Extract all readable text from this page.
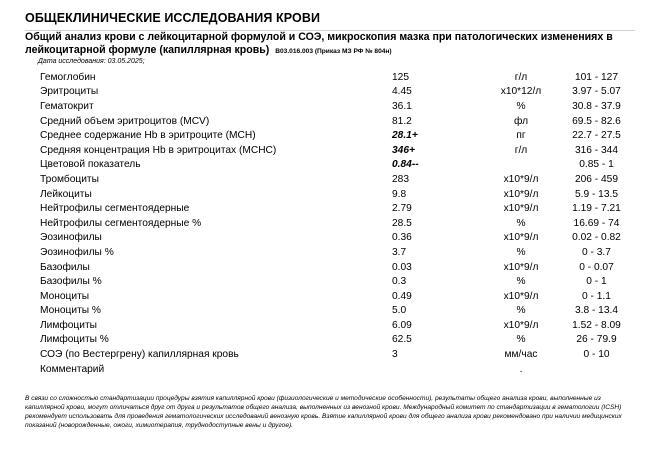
ОБЩЕКЛИНИЧЕСКИЕ ИССЛЕДОВАНИЯ КРОВИ
Общий анализ крови с лейкоцитарной формулой и СОЭ, микроскопия мазка при патологических изменениях в лейкоцитарной формуле (капиллярная кровь) B03.016.003 (Приказ МЗ РФ № 804н)
Дата исследования: 03.05.2025;
Гемоглобин	125	г/л	101 - 127
Эритроциты	4.45	x10*12/л	3.97 - 5.07
Гематокрит	36.1	%	30.8 - 37.9
Средний объем эритроцитов (MCV)	81.2	фл	69.5 - 82.6
Среднее содержание Hb в эритроците (MCH)	28.1+	пг	22.7 - 27.5
Средняя концентрация Hb в эритроцитах (MCHC)	346+	г/л	316 - 344
Цветовой показатель	0.84--		0.85 - 1
Тромбоциты	283	x10*9/л	206 - 459
Лейкоциты	9.8	x10*9/л	5.9 - 13.5
Нейтрофилы сегментоядерные	2.79	x10*9/л	1.19 - 7.21
Нейтрофилы сегментоядерные %	28.5	%	16.69 - 74
Эозинофилы	0.36	x10*9/л	0.02 - 0.82
Эозинофилы %	3.7	%	0 - 3.7
Базофилы	0.03	x10*9/л	0 - 0.07
Базофилы %	0.3	%	0 - 1
Моноциты	0.49	x10*9/л	0 - 1.1
Моноциты %	5.0	%	3.8 - 13.4
Лимфоциты	6.09	x10*9/л	1.52 - 8.09
Лимфоциты %	62.5	%	26 - 79.9
СОЭ (по Вестергрену) капиллярная кровь	3	мм/час	0 - 10
Комментарий		.	
В связи со сложностью стандартизации процедуры взятия капиллярной крови (физиологические и методические особенности), результаты общего анализа крови, выполненные из капиллярной крови, могут отличаться друг от друга и результатов общего анализа, выполненных из венозной крови. Международный комитет по стандартизации в гематологии (ICSH) рекомендует использовать для проведения гематологических исследований венозную кровь. Взятие капиллярной крови для общего анализа крови рекомендовано при наличии медицинских показаний (новорожденные, ожоги, химиотерапия, труднодоступные вены и другое).
